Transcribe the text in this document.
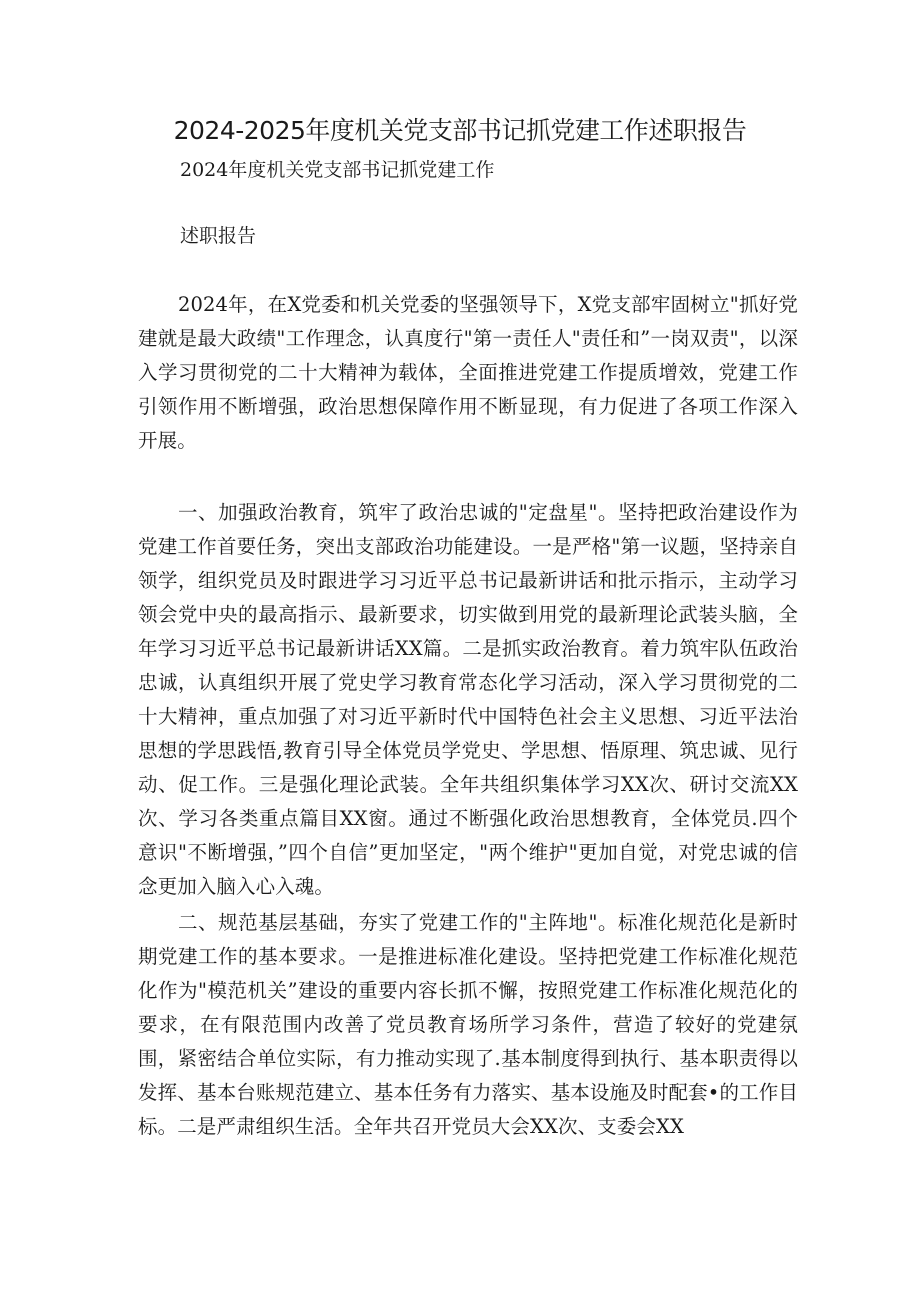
2024-2025年度机关党支部书记抓党建工作述职报告

2024年度机关党支部书记抓党建工作

述职报告

2024年，在X党委和机关党委的坚强领导下，X党支部牢固树立"抓好党建就是最大政绩"工作理念，认真度行"第一责任人"责任和”一岗双责"，以深入学习贯彻党的二十大精神为载体，全面推进党建工作提质增效，党建工作引领作用不断增强，政治思想保障作用不断显现，有力促进了各项工作深入开展。

一、加强政治教育，筑牢了政治忠诚的"定盘星"。坚持把政治建设作为党建工作首要任务，突出支部政治功能建设。一是严格"第一议题，坚持亲自领学，组织党员及时跟进学习习近平总书记最新讲话和批示指示，主动学习领会党中央的最高指示、最新要求，切实做到用党的最新理论武装头脑，全年学习习近平总书记最新讲话XX篇。二是抓实政治教育。着力筑牢队伍政治忠诚，认真组织开展了党史学习教育常态化学习活动，深入学习贯彻党的二十大精神，重点加强了对习近平新时代中国特色社会主义思想、习近平法治思想的学思践悟,教育引导全体党员学党史、学思想、悟原理、筑忠诚、见行动、促工作。三是强化理论武装。全年共组织集体学习XX次、研讨交流XX次、学习各类重点篇目XX窗。通过不断强化政治思想教育，全体党员.四个意识"不断增强，”四个自信”更加坚定，"两个维护"更加自觉，对党忠诚的信念更加入脑入心入魂。

二、规范基层基础，夯实了党建工作的"主阵地"。标准化规范化是新时期党建工作的基本要求。一是推进标准化建设。坚持把党建工作标准化规范化作为"模范机关”建设的重要内容长抓不懈，按照党建工作标准化规范化的要求，在有限范围内改善了党员教育场所学习条件，营造了较好的党建氛围，紧密结合单位实际，有力推动实现了.基本制度得到执行、基本职责得以发挥、基本台账规范建立、基本任务有力落实、基本设施及时配套•的工作目标。二是严肃组织生活。全年共召开党员大会XX次、支委会XX
